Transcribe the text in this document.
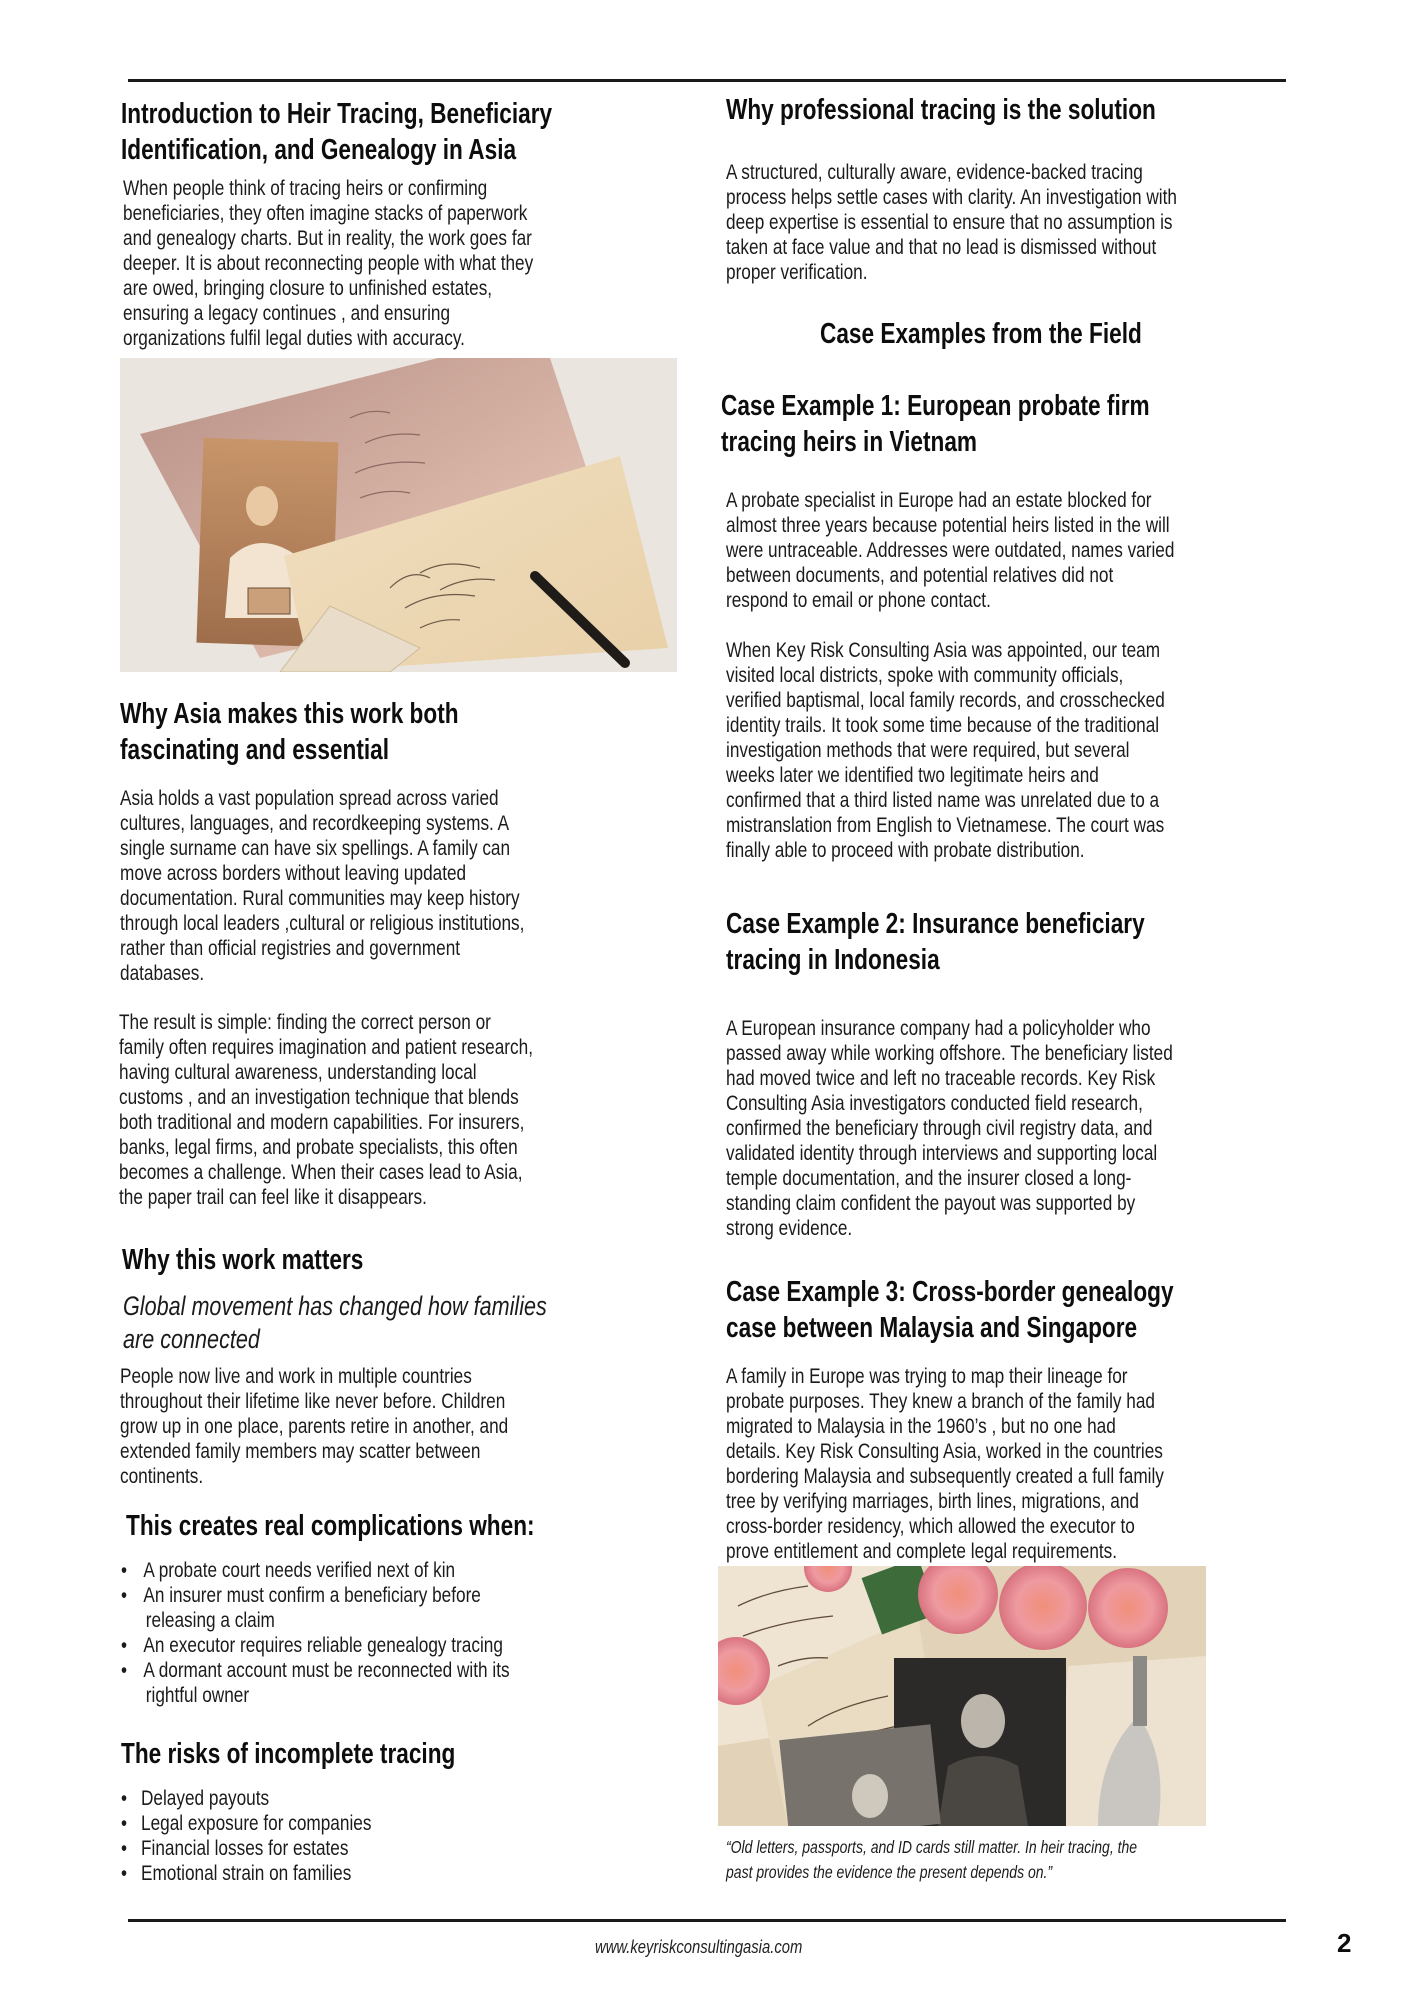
Introduction to Heir Tracing, Beneficiary
Identification, and Genealogy in Asia
When people think of tracing heirs or confirming
beneficiaries, they often imagine stacks of paperwork
and genealogy charts. But in reality, the work goes far
deeper. It is about reconnecting people with what they
are owed, bringing closure to unfinished estates,
ensuring a legacy continues , and ensuring
organizations fulfil legal duties with accuracy.
Why Asia makes this work both
fascinating and essential
Asia holds a vast population spread across varied
cultures, languages, and recordkeeping systems. A
single surname can have six spellings. A family can
move across borders without leaving updated
documentation. Rural communities may keep history
through local leaders ,cultural or religious institutions,
rather than official registries and government
databases.
The result is simple: finding the correct person or
family often requires imagination and patient research,
having cultural awareness, understanding local
customs , and an investigation technique that blends
both traditional and modern capabilities. For insurers,
banks, legal firms, and probate specialists, this often
becomes a challenge. When their cases lead to Asia,
the paper trail can feel like it disappears.
Why this work matters
Global movement has changed how families
are connected
People now live and work in multiple countries
throughout their lifetime like never before. Children
grow up in one place, parents retire in another, and
extended family members may scatter between
continents.
This creates real complications when:
• A probate court needs verified next of kin
• An insurer must confirm a beneficiary before
releasing a claim
• An executor requires reliable genealogy tracing
• A dormant account must be reconnected with its
rightful owner
The risks of incomplete tracing
• Delayed payouts
• Legal exposure for companies
• Financial losses for estates
• Emotional strain on families
Why professional tracing is the solution
A structured, culturally aware, evidence-backed tracing
process helps settle cases with clarity. An investigation with
deep expertise is essential to ensure that no assumption is
taken at face value and that no lead is dismissed without
proper verification.
Case Examples from the Field
Case Example 1: European probate firm
tracing heirs in Vietnam
A probate specialist in Europe had an estate blocked for
almost three years because potential heirs listed in the will
were untraceable. Addresses were outdated, names varied
between documents, and potential relatives did not
respond to email or phone contact.
When Key Risk Consulting Asia was appointed, our team
visited local districts, spoke with community officials,
verified baptismal, local family records, and crosschecked
identity trails. It took some time because of the traditional
investigation methods that were required, but several
weeks later we identified two legitimate heirs and
confirmed that a third listed name was unrelated due to a
mistranslation from English to Vietnamese. The court was
finally able to proceed with probate distribution.
Case Example 2: Insurance beneficiary
tracing in Indonesia
A European insurance company had a policyholder who
passed away while working offshore. The beneficiary listed
had moved twice and left no traceable records. Key Risk
Consulting Asia investigators conducted field research,
confirmed the beneficiary through civil registry data, and
validated identity through interviews and supporting local
temple documentation, and the insurer closed a long-
standing claim confident the payout was supported by
strong evidence.
Case Example 3: Cross-border genealogy
case between Malaysia and Singapore
A family in Europe was trying to map their lineage for
probate purposes. They knew a branch of the family had
migrated to Malaysia in the 1960’s , but no one had
details. Key Risk Consulting Asia, worked in the countries
bordering Malaysia and subsequently created a full family
tree by verifying marriages, birth lines, migrations, and
cross-border residency, which allowed the executor to
prove entitlement and complete legal requirements.
“Old letters, passports, and ID cards still matter. In heir tracing, the
past provides the evidence the present depends on.”
www.keyriskconsultingasia.com	2
